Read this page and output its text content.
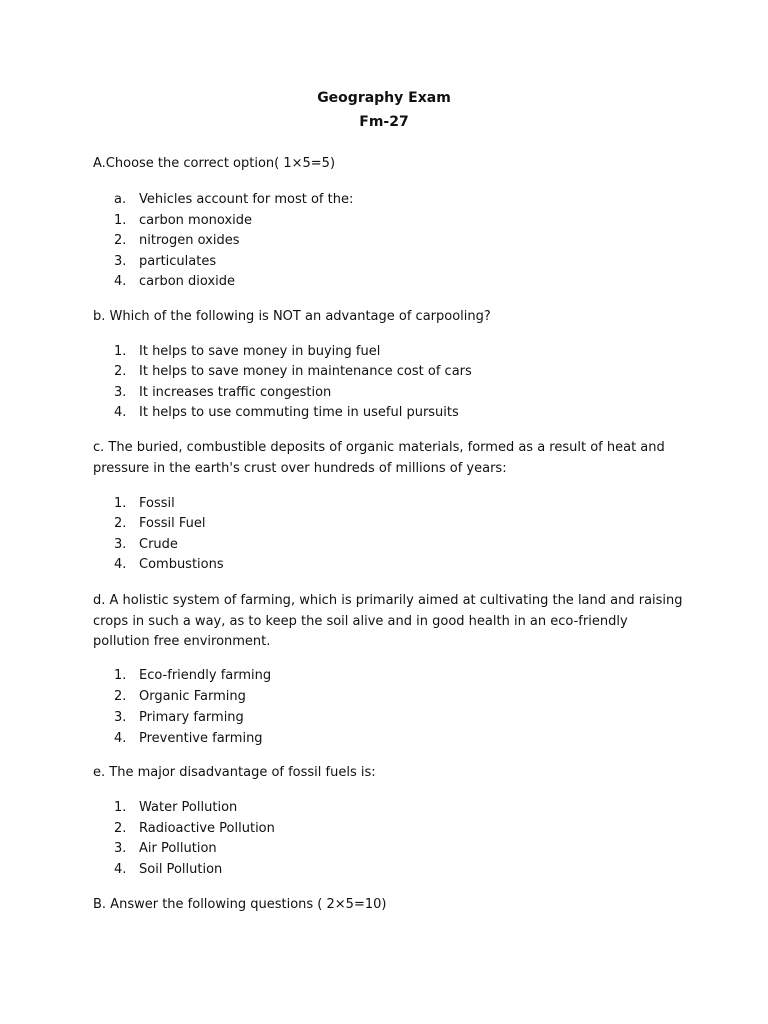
Geography Exam
Fm-27
A.Choose the correct option( 1×5=5)
a. Vehicles account for most of the:
1. carbon monoxide
2. nitrogen oxides
3. particulates
4. carbon dioxide
b. Which of the following is NOT an advantage of carpooling?
1. It helps to save money in buying fuel
2. It helps to save money in maintenance cost of cars
3. It increases traffic congestion
4. It helps to use commuting time in useful pursuits
c. The buried, combustible deposits of organic materials, formed as a result of heat and pressure in the earth's crust over hundreds of millions of years:
1. Fossil
2. Fossil Fuel
3. Crude
4. Combustions
d. A holistic system of farming, which is primarily aimed at cultivating the land and raising crops in such a way, as to keep the soil alive and in good health in an eco-friendly pollution free environment.
1. Eco-friendly farming
2. Organic Farming
3. Primary farming
4. Preventive farming
e. The major disadvantage of fossil fuels is:
1. Water Pollution
2. Radioactive Pollution
3. Air Pollution
4. Soil Pollution
B. Answer the following questions ( 2×5=10)
